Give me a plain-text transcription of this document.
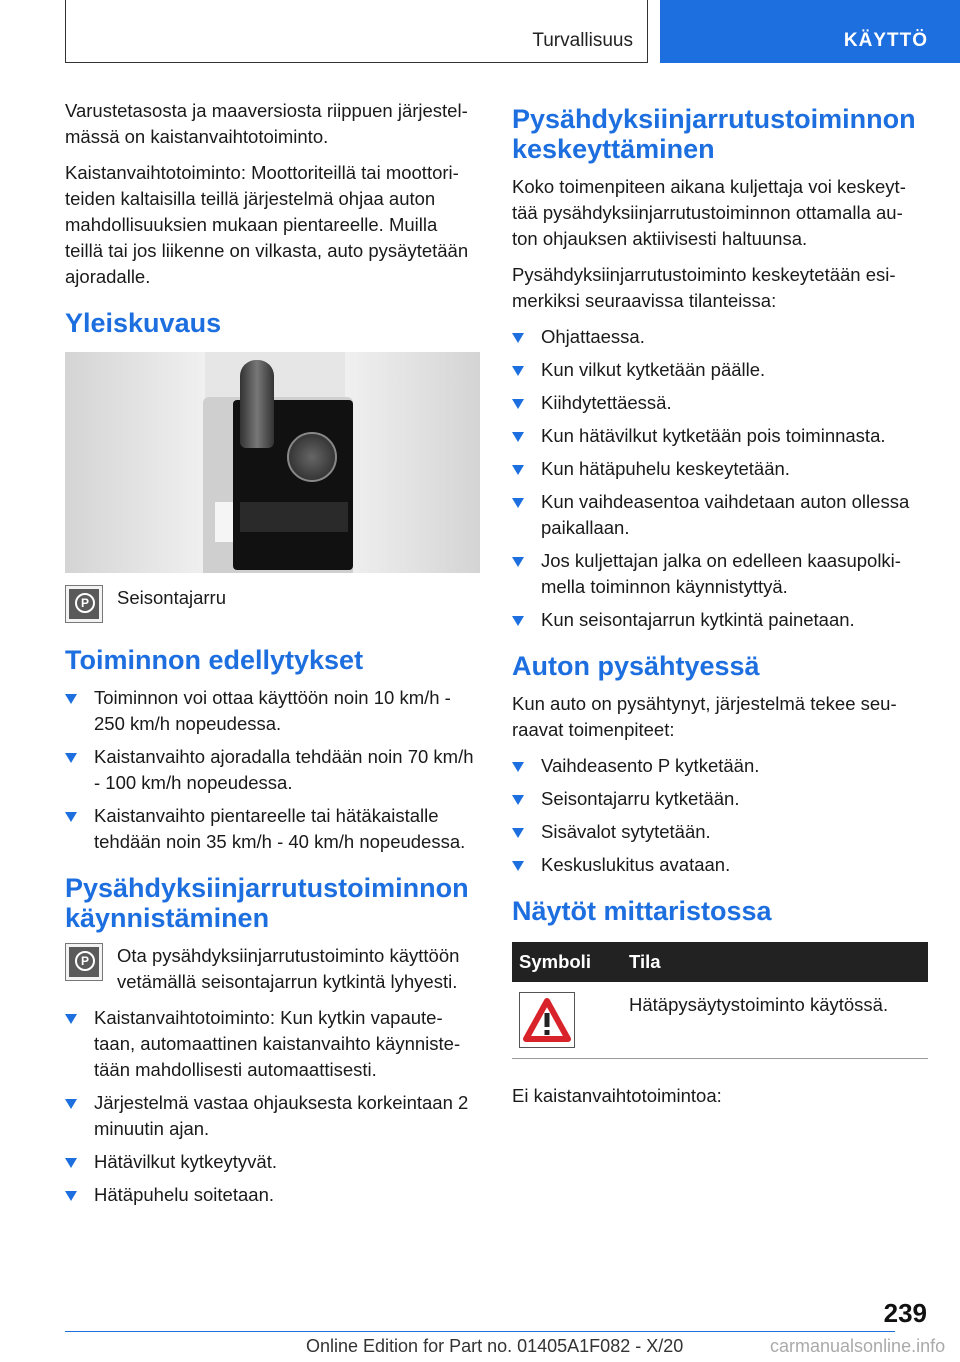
Turvallisuus	KÄYTTÖ

Varustetasosta ja maaversiosta riippuen järjestel-mässä on kaistanvaihtotoiminto.

Kaistanvaihtotoiminto: Moottoriteillä tai moottori-teiden kaltaisilla teillä järjestelmä ohjaa auton mahdollisuuksien mukaan pientareelle. Muilla teillä tai jos liikenne on vilkasta, auto pysäytetään ajoradalle.

Yleiskuvaus
P	Seisontajarru

Toiminnon edellytykset
Toiminnon voi ottaa käyttöön noin 10 km/h - 250 km/h nopeudessa.
Kaistanvaihto ajoradalla tehdään noin 70 km/h - 100 km/h nopeudessa.
Kaistanvaihto pientareelle tai hätäkaistalle tehdään noin 35 km/h - 40 km/h nopeudessa.
Pysähdyksiinjarrutustoiminnon käynnistäminen
P	Ota pysähdyksiinjarrutustoiminto käyttöön vetämällä seisontajarrun kytkintä lyhyesti.

Kaistanvaihtotoiminto: Kun kytkin vapaute-taan, automaattinen kaistanvaihto käynniste-tään mahdollisesti automaattisesti.
Järjestelmä vastaa ohjauksesta korkeintaan 2 minuutin ajan.
Hätävilkut kytkeytyvät.
Hätäpuhelu soitetaan.
Pysähdyksiinjarrutustoiminnon keskeyttäminen

Koko toimenpiteen aikana kuljettaja voi keskeyt-tää pysähdyksiinjarrutustoiminnon ottamalla au-ton ohjauksen aktiivisesti haltuunsa.

Pysähdyksiinjarrutustoiminto keskeytetään esi-merkiksi seuraavissa tilanteissa:

Ohjattaessa.
Kun vilkut kytketään päälle.
Kiihdytettäessä.
Kun hätävilkut kytketään pois toiminnasta.
Kun hätäpuhelu keskeytetään.
Kun vaihdeasentoa vaihdetaan auton ollessa paikallaan.
Jos kuljettajan jalka on edelleen kaasupolki-mella toiminnon käynnistyttyä.
Kun seisontajarrun kytkintä painetaan.
Auton pysähtyessä

Kun auto on pysähtynyt, järjestelmä tekee seu-raavat toimenpiteet:

Vaihdeasento P kytketään.
Seisontajarru kytketään.
Sisävalot sytytetään.
Keskuslukitus avataan.
Näytöt mittaristossa
Symboli	Tila

	Hätäpysäytystoiminto käytössä.

Ei kaistanvaihtotoimintoa:

239
Online Edition for Part no. 01405A1F082 - X/20	carmanualsonline.info
